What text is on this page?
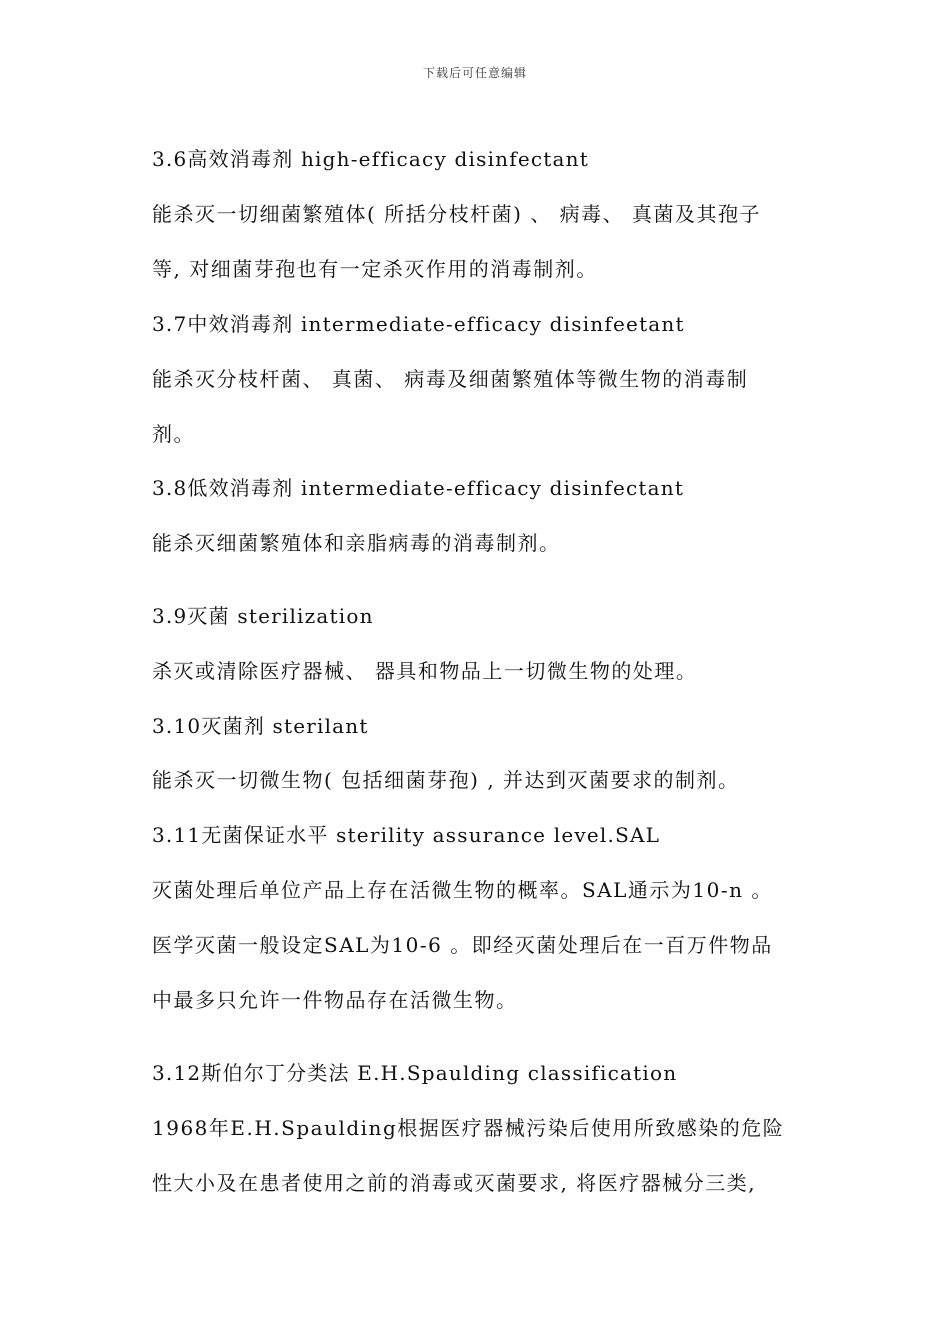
下载后可任意编辑
3.6高效消毒剂 high-efficacy disinfectant
能杀灭一切细菌繁殖体( 所括分枝杆菌) 、 病毒、 真菌及其孢子
等, 对细菌芽孢也有一定杀灭作用的消毒制剂。
3.7中效消毒剂 intermediate-efficacy disinfeetant
能杀灭分枝杆菌、 真菌、 病毒及细菌繁殖体等微生物的消毒制
剂。
3.8低效消毒剂 intermediate-efficacy disinfectant
能杀灭细菌繁殖体和亲脂病毒的消毒制剂。
3.9灭菌 sterilization
杀灭或清除医疗器械、 器具和物品上一切微生物的处理。
3.10灭菌剂 sterilant
能杀灭一切微生物( 包括细菌芽孢) , 并达到灭菌要求的制剂。
3.11无菌保证水平 sterility assurance level.SAL
灭菌处理后单位产品上存在活微生物的概率。SAL通示为10-n 。
医学灭菌一般设定SAL为10-6 。即经灭菌处理后在一百万件物品
中最多只允许一件物品存在活微生物。
3.12斯伯尔丁分类法 E.H.Spaulding classification
1968年E.H.Spaulding根据医疗器械污染后使用所致感染的危险
性大小及在患者使用之前的消毒或灭菌要求, 将医疗器械分三类,
